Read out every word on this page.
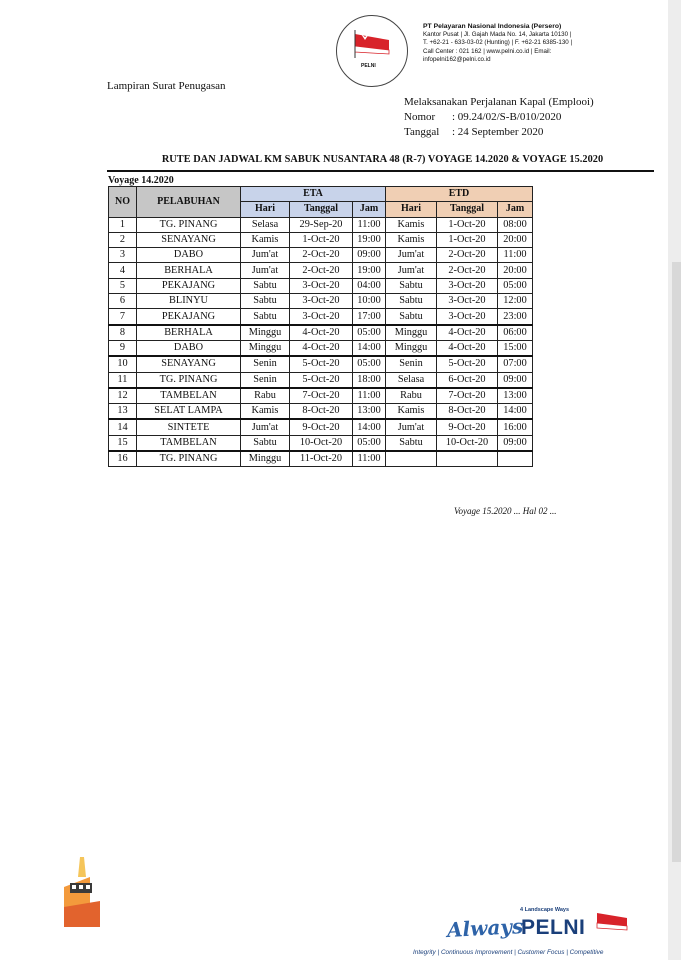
PELNI
PT Pelayaran Nasional Indonesia (Persero)
Kantor Pusat | Jl. Gajah Mada No. 14, Jakarta 10130 |
T. +62-21 - 633-03-02 (Hunting) | F. +62-21 6385-130 |
Call Center : 021 162 | www.pelni.co.id | Email:
infopelni162@pelni.co.id
Lampiran Surat Penugasan
Melaksanakan Perjalanan Kapal (Emplooi)
Nomor : 09.24/02/S-B/010/2020
Tanggal : 24 September 2020
RUTE DAN JADWAL KM SABUK NUSANTARA 48 (R-7) VOYAGE 14.2020 & VOYAGE 15.2020
Voyage 14.2020
NO	PELABUHAN	ETA			ETD		
		Hari	Tanggal	Jam	Hari	Tanggal	Jam
1	TG. PINANG	Selasa	29-Sep-20	11:00	Kamis	1-Oct-20	08:00
2	SENAYANG	Kamis	1-Oct-20	19:00	Kamis	1-Oct-20	20:00
3	DABO	Jum'at	2-Oct-20	09:00	Jum'at	2-Oct-20	11:00
4	BERHALA	Jum'at	2-Oct-20	19:00	Jum'at	2-Oct-20	20:00
5	PEKAJANG	Sabtu	3-Oct-20	04:00	Sabtu	3-Oct-20	05:00
6	BLINYU	Sabtu	3-Oct-20	10:00	Sabtu	3-Oct-20	12:00
7	PEKAJANG	Sabtu	3-Oct-20	17:00	Sabtu	3-Oct-20	23:00
8	BERHALA	Minggu	4-Oct-20	05:00	Minggu	4-Oct-20	06:00
9	DABO	Minggu	4-Oct-20	14:00	Minggu	4-Oct-20	15:00
10	SENAYANG	Senin	5-Oct-20	05:00	Senin	5-Oct-20	07:00
11	TG. PINANG	Senin	5-Oct-20	18:00	Selasa	6-Oct-20	09:00
12	TAMBELAN	Rabu	7-Oct-20	11:00	Rabu	7-Oct-20	13:00
13	SELAT LAMPA	Kamis	8-Oct-20	13:00	Kamis	8-Oct-20	14:00
14	SINTETE	Jum'at	9-Oct-20	14:00	Jum'at	9-Oct-20	16:00
15	TAMBELAN	Sabtu	10-Oct-20	05:00	Sabtu	10-Oct-20	09:00
16	TG. PINANG	Minggu	11-Oct-20	11:00			
Voyage 15.2020 ... Hal 02 ...
4 Landscape Ways
Always
PELNI
Integrity | Continuous Improvement | Customer Focus | Competitive
